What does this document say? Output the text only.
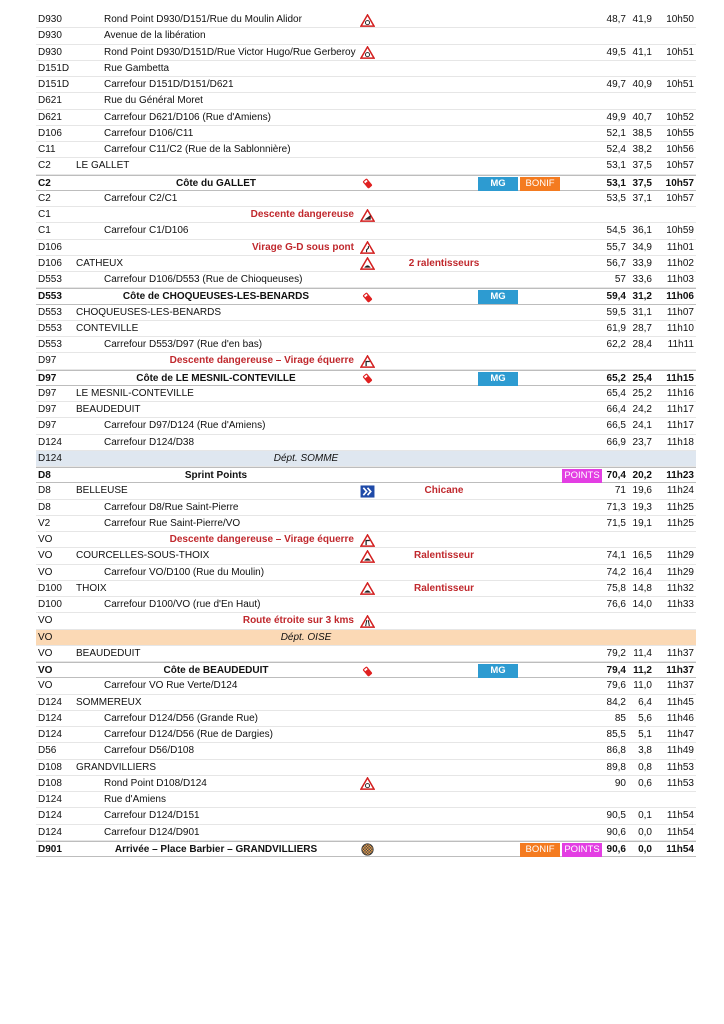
D930	Rond Point D930/D151/Rue du Moulin Alidor	48,7 41,9	10h50
D930	Avenue de la libération
D930	Rond Point D930/D151D/Rue Victor Hugo/Rue Gerberoy	49,5 41,1	10h51
D151D	Rue Gambetta
D151D	Carrefour D151D/D151/D621	49,7 40,9	10h51
D621	Rue du Général Moret
D621	Carrefour D621/D106 (Rue d'Amiens)	49,9 40,7	10h52
D106	Carrefour D106/C11	52,1 38,5	10h55
C11	Carrefour C11/C2 (Rue de la Sablonnière)	52,4 38,2	10h56
C2	LE GALLET	53,1 37,5	10h57
C2	Côte du GALLET	MG	BONIF	53,1 37,5	10h57
C2	Carrefour C2/C1	53,5 37,1	10h57
C1	Descente dangereuse
C1	Carrefour C1/D106	54,5 36,1	10h59
D106	Virage G-D sous pont	55,7 34,9	11h01
D106	CATHEUX	2 ralentisseurs	56,7 33,9	11h02
D553	Carrefour D106/D553 (Rue de Chioqueuses)	57 33,6	11h03
D553	Côte de CHOQUEUSES-LES-BENARDS	MG	59,4 31,2	11h06
D553	CHOQUEUSES-LES-BENARDS	59,5 31,1	11h07
D553	CONTEVILLE	61,9 28,7	11h10
D553	Carrefour D553/D97 (Rue d'en bas)	62,2 28,4	11h11
D97	Descente dangereuse – Virage équerre
D97	Côte de LE MESNIL-CONTEVILLE	MG	65,2 25,4	11h15
D97	LE MESNIL-CONTEVILLE	65,4 25,2	11h16
D97	BEAUDEDUIT	66,4 24,2	11h17
D97	Carrefour D97/D124 (Rue d'Amiens)	66,5 24,1	11h17
D124	Carrefour D124/D38	66,9 23,7	11h18
D124	Dépt. SOMME
D8	Sprint Points	POINTS 70,4 20,2	11h23
D8	BELLEUSE	Chicane	71 19,6	11h24
D8	Carrefour D8/Rue Saint-Pierre	71,3 19,3	11h25
V2	Carrefour Rue Saint-Pierre/VO	71,5 19,1	11h25
VO	Descente dangereuse – Virage équerre
VO	COURCELLES-SOUS-THOIX	Ralentisseur	74,1 16,5	11h29
VO	Carrefour VO/D100 (Rue du Moulin)	74,2 16,4	11h29
D100	THOIX	Ralentisseur	75,8 14,8	11h32
D100	Carrefour D100/VO (rue d'En Haut)	76,6 14,0	11h33
VO	Route étroite sur 3 kms
VO	Dépt. OISE
VO	BEAUDEDUIT	79,2 11,4	11h37
VO	Côte de BEAUDEDUIT	MG	79,4 11,2	11h37
VO	Carrefour VO Rue Verte/D124	79,6 11,0	11h37
D124	SOMMEREUX	84,2	6,4	11h45
D124	Carrefour D124/D56 (Grande Rue)	85	5,6	11h46
D124	Carrefour D124/D56 (Rue de Dargies)	85,5	5,1	11h47
D56	Carrefour D56/D108	86,8	3,8	11h49
D108	GRANDVILLIERS	89,8	0,8	11h53
D108	Rond Point D108/D124	90	0,6	11h53
D124	Rue d'Amiens
D124	Carrefour D124/D151	90,5	0,1	11h54
D124	Carrefour D124/D901	90,6	0,0	11h54
D901	Arrivée – Place Barbier – GRANDVILLIERS	BONIF	POINTS 90,6	0,0	11h54
